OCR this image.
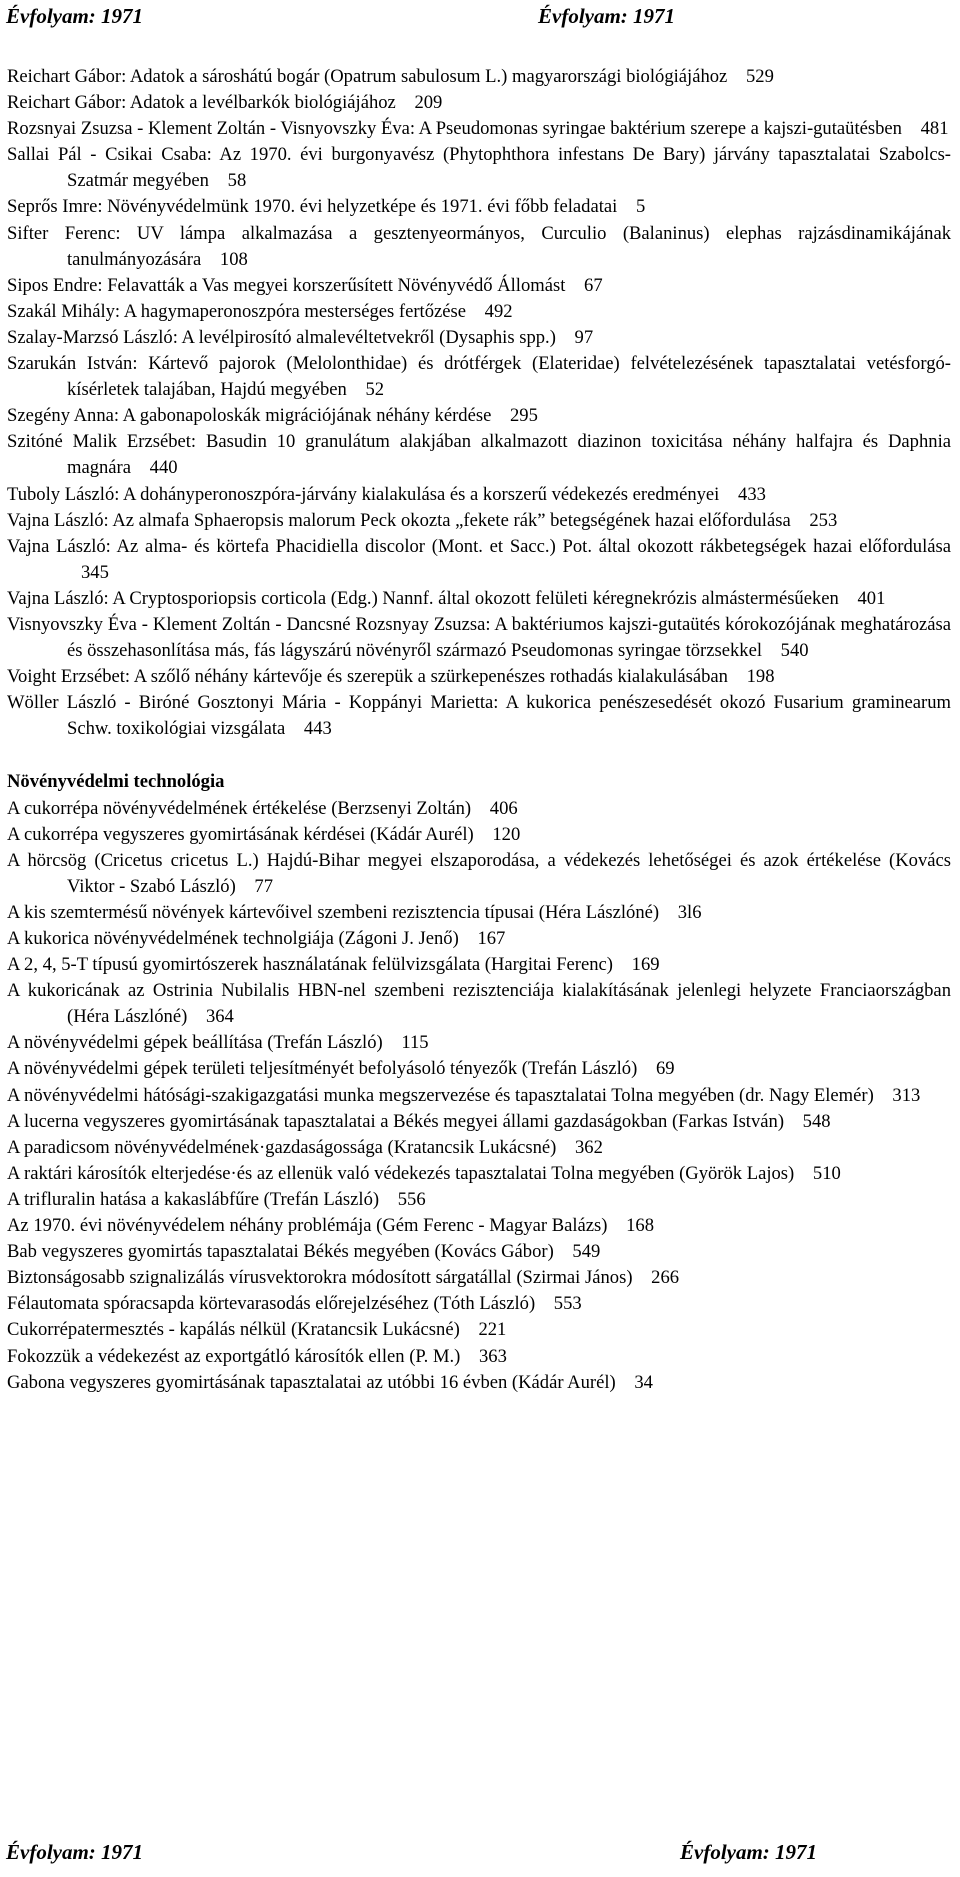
Évfolyam: 1971	Évfolyam: 1971
Reichart Gábor: Adatok a sároshátú bogár (Opatrum sabulosum L.) magyarországi biológiájához 529
Reichart Gábor: Adatok a levélbarkók biológiájához 209
Rozsnyai Zsuzsa - Klement Zoltán - Visnyovszky Éva: A Pseudomonas syringae baktérium szerepe a kajszi-gutaütésben 481
Sallai Pál - Csikai Csaba: Az 1970. évi burgonyavész (Phytophthora infestans De Bary) járvány tapasztalatai Szabolcs-Szatmár megyében 58
Seprős Imre: Növényvédelmünk 1970. évi helyzetképe és 1971. évi főbb feladatai 5
Sifter Ferenc: UV lámpa alkalmazása a gesztenyeormányos, Curculio (Balaninus) elephas rajzásdinamikájának tanulmányozására 108
Sipos Endre: Felavatták a Vas megyei korszerűsített Növényvédő Állomást 67
Szakál Mihály: A hagymaperonoszpóra mesterséges fertőzése 492
Szalay-Marzsó László: A levélpirosító almalevéltetvekről (Dysaphis spp.) 97
Szarukán István: Kártevő pajorok (Melolonthidae) és drótférgek (Elateridae) felvételezésének tapasztalatai vetésforgó-kísérletek talajában, Hajdú megyében 52
Szegény Anna: A gabonapoloskák migrációjának néhány kérdése 295
Szitóné Malik Erzsébet: Basudin 10 granulátum alakjában alkalmazott diazinon toxicitása néhány halfajra és Daphnia magnára 440
Tuboly László: A dohányperonoszpóra-járvány kialakulása és a korszerű védekezés eredményei 433
Vajna László: Az almafa Sphaeropsis malorum Peck okozta „fekete rák” betegségének hazai előfordulása 253
Vajna László: Az alma- és körtefa Phacidiella discolor (Mont. et Sacc.) Pot. által okozott rákbetegségek hazai előfordulása 345
Vajna László: A Cryptosporiopsis corticola (Edg.) Nannf. által okozott felületi kéregnekrózis almástermésűeken 401
Visnyovszky Éva - Klement Zoltán - Dancsné Rozsnyay Zsuzsa: A baktériumos kajszi-gutaütés kórokozójának meghatározása és összehasonlítása más, fás lágyszárú növényről származó Pseudomonas syringae törzsekkel 540
Voight Erzsébet: A szőlő néhány kártevője és szerepük a szürkepenészes rothadás kialakulásában 198
Wöller László - Biróné Gosztonyi Mária - Koppányi Marietta: A kukorica penészesedését okozó Fusarium graminearum Schw. toxikológiai vizsgálata 443
Növényvédelmi technológia
A cukorrépa növényvédelmének értékelése (Berzsenyi Zoltán) 406
A cukorrépa vegyszeres gyomirtásának kérdései (Kádár Aurél) 120
A hörcsög (Cricetus cricetus L.) Hajdú-Bihar megyei elszaporodása, a védekezés lehetőségei és azok értékelése (Kovács Viktor - Szabó László) 77
A kis szemtermésű növények kártevőivel szembeni rezisztencia típusai (Héra Lászlóné) 3l6
A kukorica növényvédelmének technolgiája (Zágoni J. Jenő) 167
A 2, 4, 5-T típusú gyomirtószerek használatának felülvizsgálata (Hargitai Ferenc) 169
A kukoricának az Ostrinia Nubilalis HBN-nel szembeni rezisztenciája kialakításának jelenlegi helyzete Franciaországban (Héra Lászlóné) 364
A növényvédelmi gépek beállítása (Trefán László) 115
A növényvédelmi gépek területi teljesítményét befolyásoló tényezők (Trefán László) 69
A növényvédelmi hátósági-szakigazgatási munka megszervezése és tapasztalatai Tolna megyében (dr. Nagy Elemér) 313
A lucerna vegyszeres gyomirtásának tapasztalatai a Békés megyei állami gazdaságokban (Farkas István) 548
A paradicsom növényvédelmének·gazdaságossága (Kratancsik Lukácsné) 362
A raktári károsítók elterjedése·és az ellenük való védekezés tapasztalatai Tolna megyében (Györök Lajos) 510
A trifluralin hatása a kakaslábfűre (Trefán László) 556
Az 1970. évi növényvédelem néhány problémája (Gém Ferenc - Magyar Balázs) 168
Bab vegyszeres gyomirtás tapasztalatai Békés megyében (Kovács Gábor) 549
Biztonságosabb szignalizálás vírusvektorokra módosított sárgatállal (Szirmai János) 266
Félautomata spóracsapda körtevarasodás előrejelzéséhez (Tóth László) 553
Cukorrépatermesztés - kapálás nélkül (Kratancsik Lukácsné) 221
Fokozzük a védekezést az exportgátló károsítók ellen (P. M.) 363
Gabona vegyszeres gyomirtásának tapasztalatai az utóbbi 16 évben (Kádár Aurél) 34
Évfolyam: 1971	Évfolyam: 1971
